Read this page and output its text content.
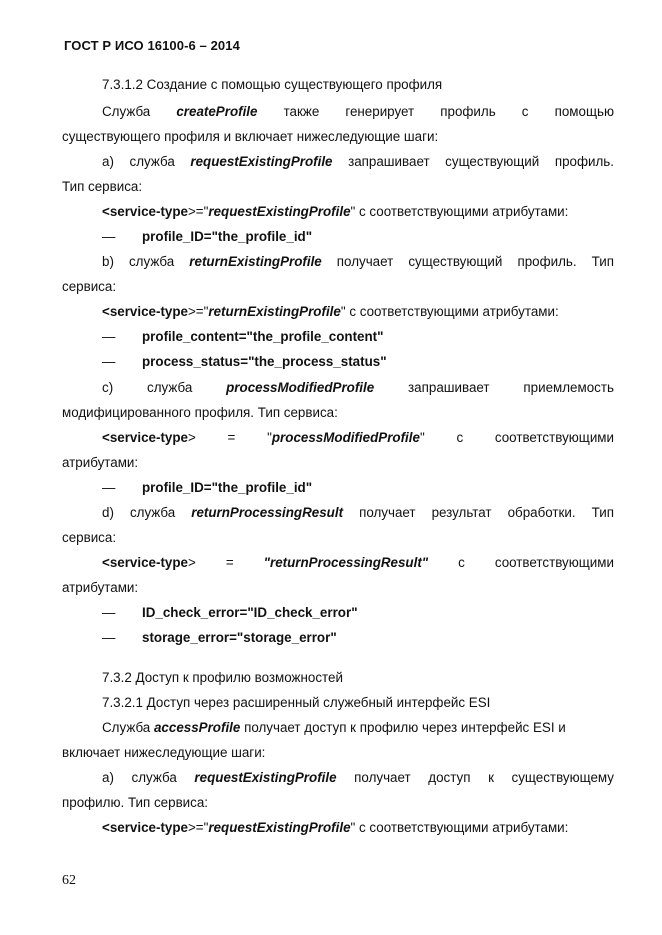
ГОСТ Р ИСО 16100-6 – 2014
7.3.1.2 Создание с помощью существующего профиля
Служба createProfile также генерирует профиль с помощью
существующего профиля и включает нижеследующие шаги:
а) служба requestExistingProfile запрашивает существующий профиль.
Тип сервиса:
<service-type>="requestExistingProfile" с соответствующими атрибутами:
— profile_ID="the_profile_id"
b) служба returnExistingProfile получает существующий профиль. Тип
сервиса:
<service-type>="returnExistingProfile" с соответствующими атрибутами:
— profile_content="the_profile_content"
— process_status="the_process_status"
с)	служба	processModifiedProfile	запрашивает	приемлемость
модифицированного профиля. Тип сервиса:
<service-type> = "processModifiedProfile" с соответствующими
атрибутами:
— profile_ID="the_profile_id"
d) служба returnProcessingResult получает результат обработки. Тип
сервиса:
<service-type> = "returnProcessingResult" с соответствующими
атрибутами:
— ID_check_error="ID_check_error"
— storage_error="storage_error"
7.3.2 Доступ к профилю возможностей
7.3.2.1 Доступ через расширенный служебный интерфейс ESI
Служба accessProfile получает доступ к профилю через интерфейс ESI и
включает нижеследующие шаги:
а) служба requestExistingProfile получает доступ к существующему
профилю. Тип сервиса:
<service-type>="requestExistingProfile" с соответствующими атрибутами:
62
